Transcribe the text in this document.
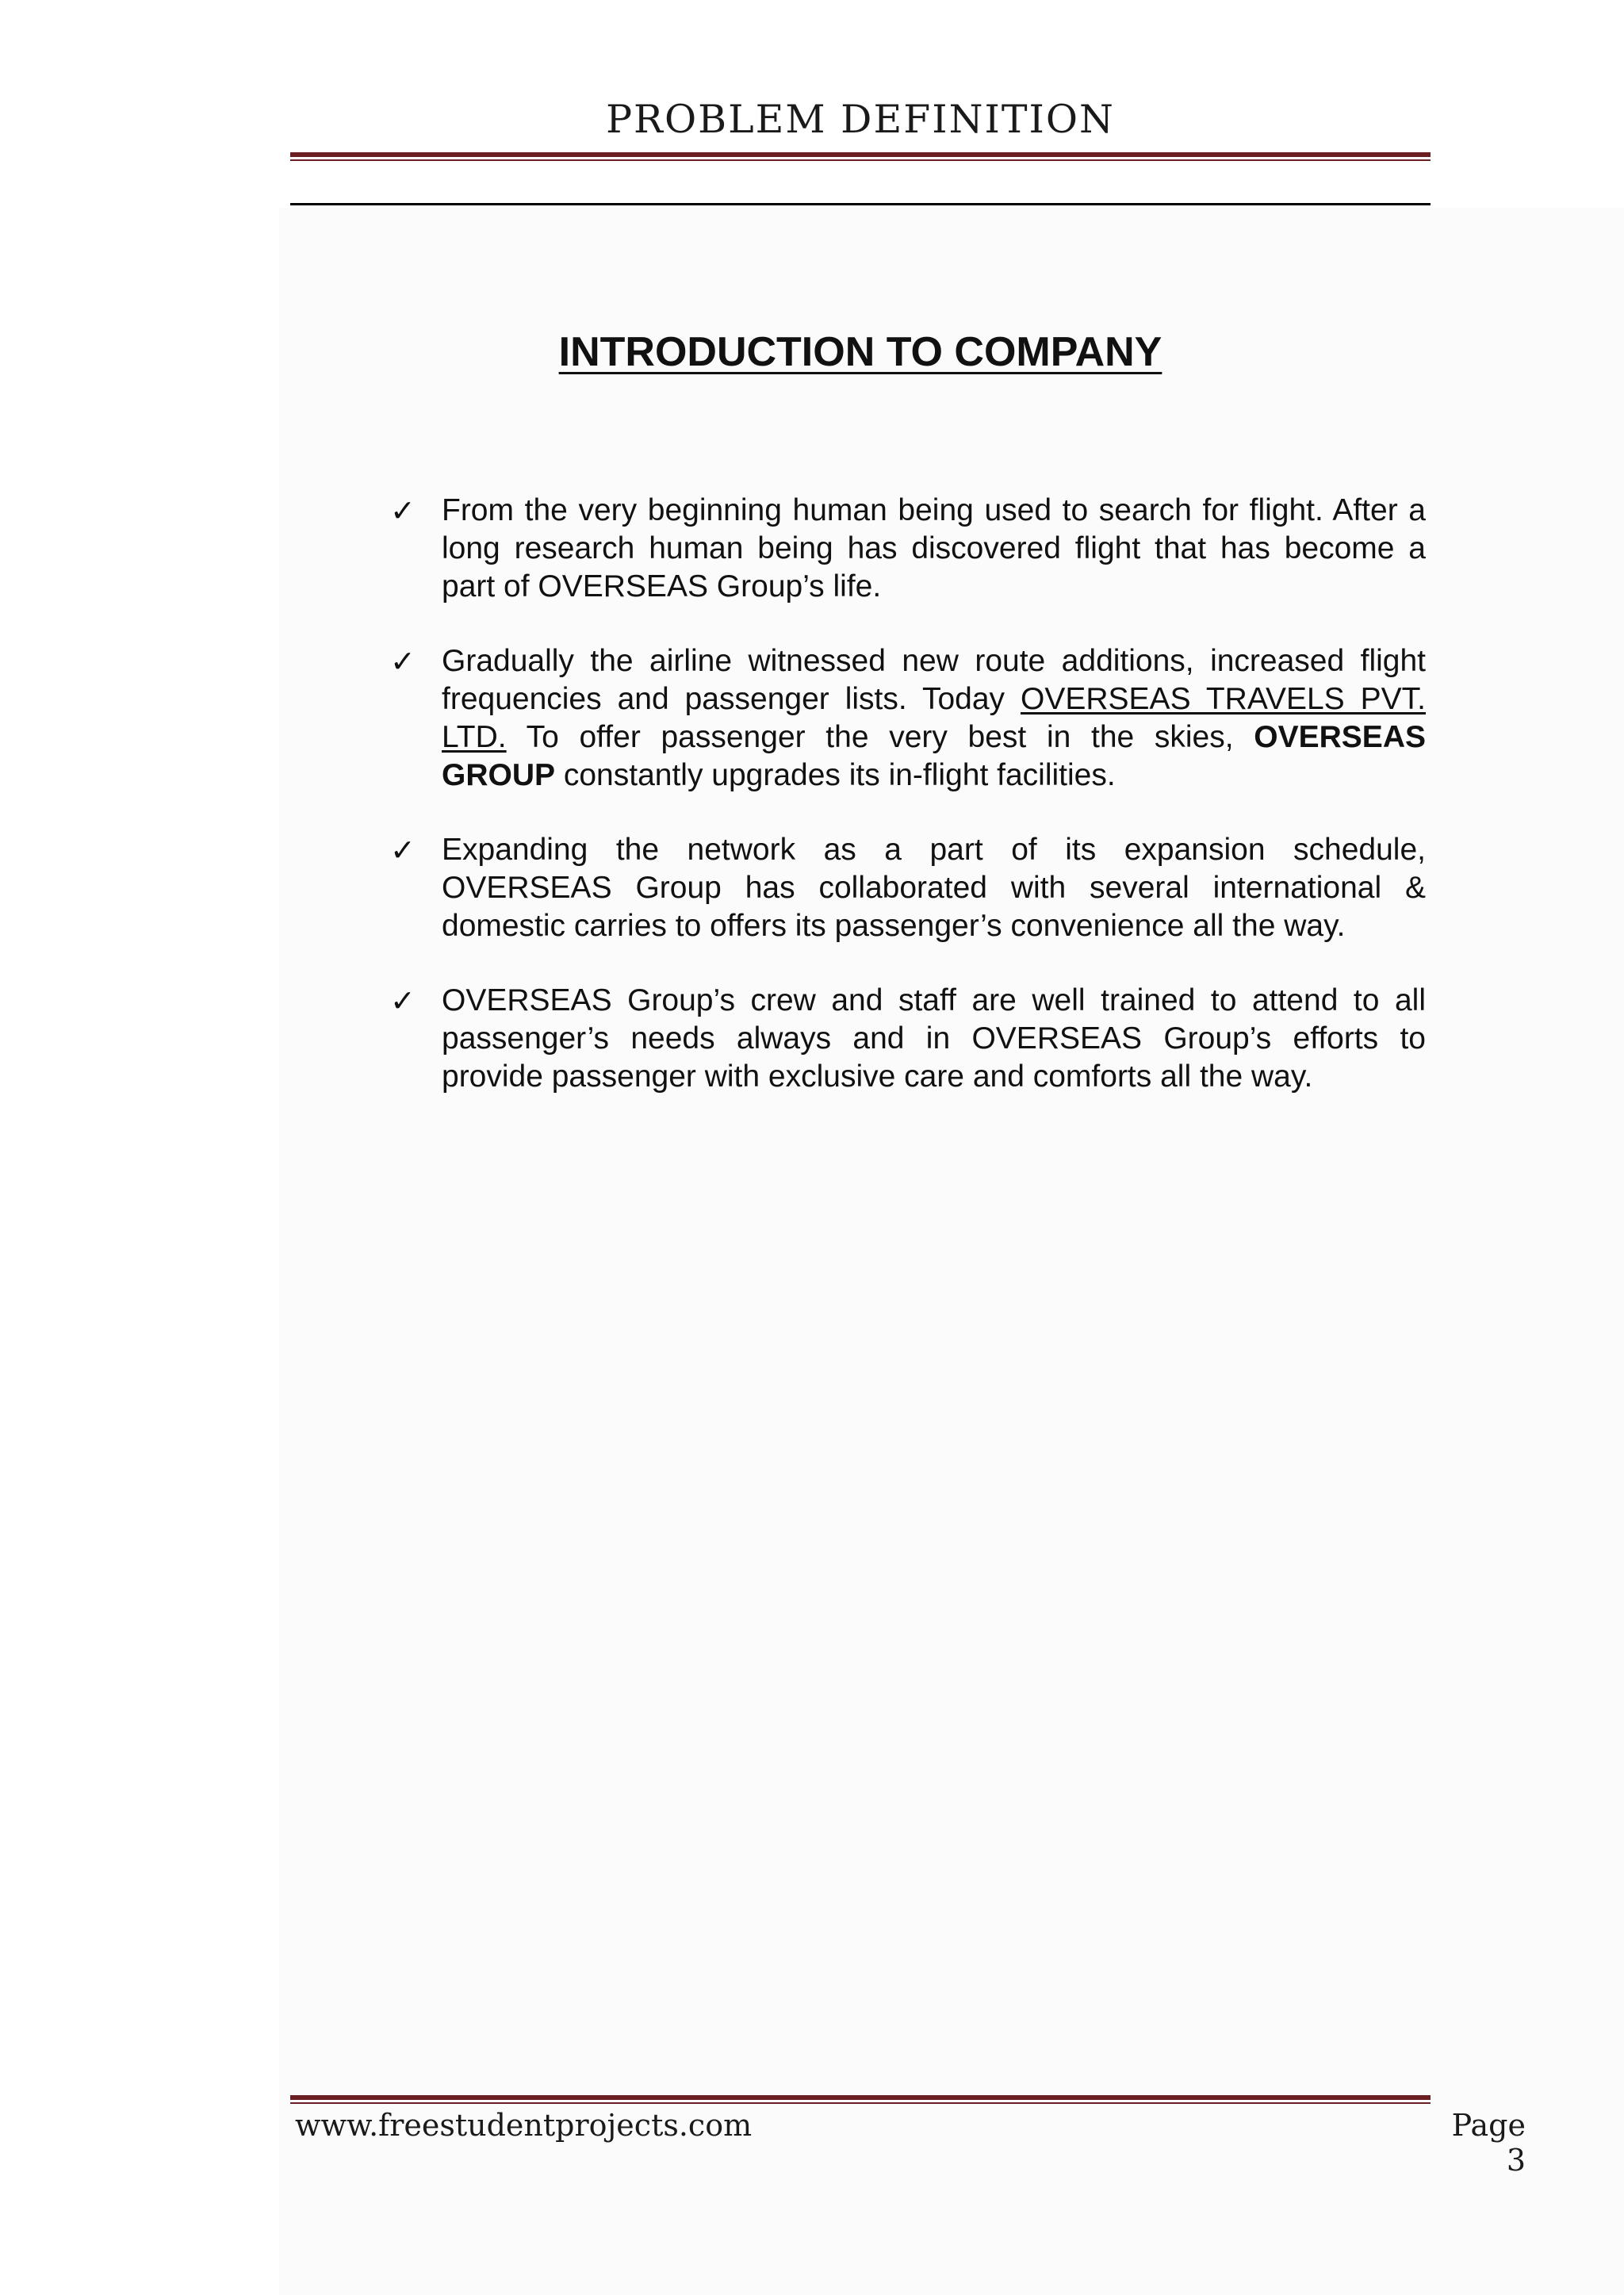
PROBLEM DEFINITION
INTRODUCTION TO COMPANY
✓ From the very beginning human being used to search for flight. After a long research human being has discovered flight that has become a part of OVERSEAS Group’s life.
✓ Gradually the airline witnessed new route additions, increased flight frequencies and passenger lists. Today OVERSEAS TRAVELS PVT. LTD. To offer passenger the very best in the skies, OVERSEAS GROUP constantly upgrades its in-flight facilities.
✓ Expanding the network as a part of its expansion schedule, OVERSEAS Group has collaborated with several international & domestic carries to offers its passenger’s convenience all the way.
✓ OVERSEAS Group’s crew and staff are well trained to attend to all passenger’s needs always and in OVERSEAS Group’s efforts to provide passenger with exclusive care and comforts all the way.
www.freestudentprojects.com	Page 3
